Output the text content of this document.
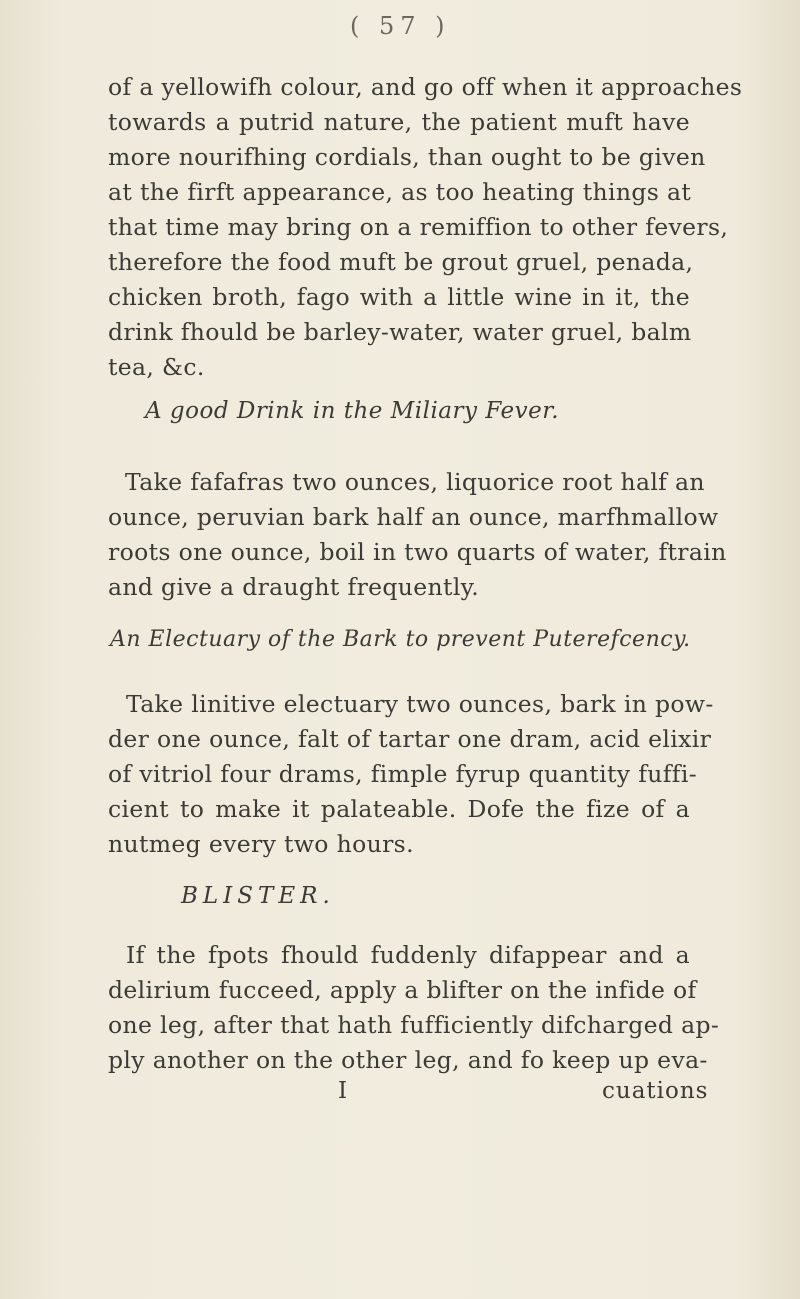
( 57 )
of a yellowifh colour, and go off when it approaches
towards a putrid nature, the patient muft have
more nourifhing cordials, than ought to be given
at the firft appearance, as too heating things at
that time may bring on a remiffion to other fevers,
therefore the food muft be grout gruel, penada,
chicken broth, fago with a little wine in it, the
drink fhould be barley-water, water gruel, balm
tea, &c.
A good Drink in the Miliary Fever.
Take fafafras two ounces, liquorice root half an
ounce, peruvian bark half an ounce, marfhmallow
roots one ounce, boil in two quarts of water, ftrain
and give a draught frequently.
An Electuary of the Bark to prevent Puterefcency.
Take linitive electuary two ounces, bark in pow-
der one ounce, falt of tartar one dram, acid elixir
of vitriol four drams, fimple fyrup quantity fuffi-
cient to make it palateable. Dofe the fize of a
nutmeg every two hours.
BLISTER.
If the fpots fhould fuddenly difappear and a
delirium fucceed, apply a blifter on the infide of
one leg, after that hath fufficiently difcharged ap-
ply another on the other leg, and fo keep up eva-
I	cuations
